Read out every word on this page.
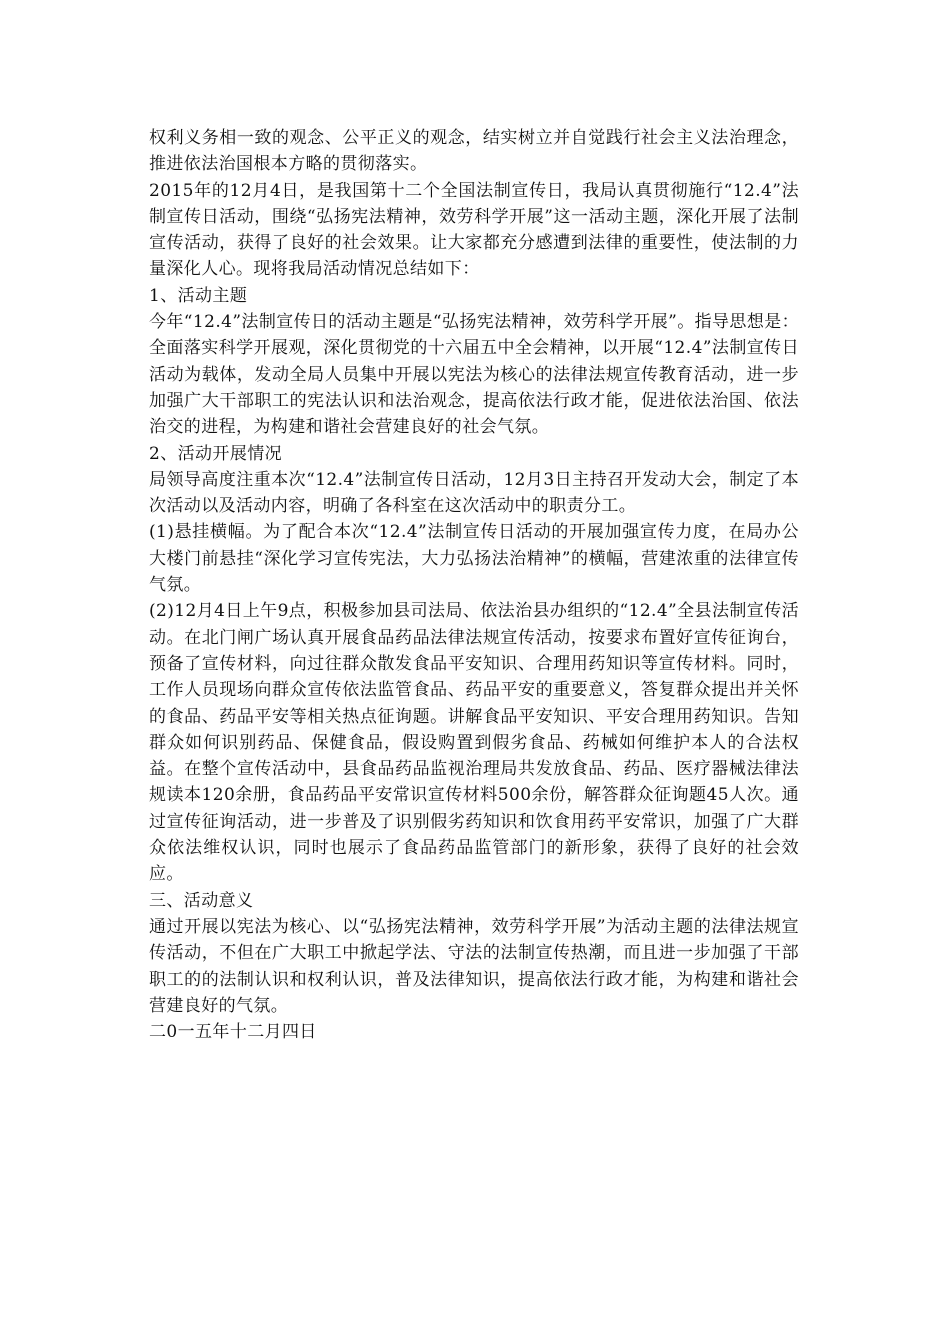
权利义务相一致的观念、公平正义的观念，结实树立并自觉践行社会主义法治理念，推进依法治国根本方略的贯彻落实。

2015年的12月4日，是我国第十二个全国法制宣传日，我局认真贯彻施行“12.4”法制宣传日活动，围绕“弘扬宪法精神，效劳科学开展”这一活动主题，深化开展了法制宣传活动，获得了良好的社会效果。让大家都充分感遭到法律的重要性，使法制的力量深化人心。现将我局活动情况总结如下：

1、活动主题

今年“12.4”法制宣传日的活动主题是“弘扬宪法精神，效劳科学开展”。指导思想是：全面落实科学开展观，深化贯彻党的十六届五中全会精神，以开展“12.4”法制宣传日活动为载体，发动全局人员集中开展以宪法为核心的法律法规宣传教育活动，进一步加强广大干部职工的宪法认识和法治观念，提高依法行政才能，促进依法治国、依法治交的进程，为构建和谐社会营建良好的社会气氛。

2、活动开展情况

局领导高度注重本次“12.4”法制宣传日活动，12月3日主持召开发动大会，制定了本次活动以及活动内容，明确了各科室在这次活动中的职责分工。

(1)悬挂横幅。为了配合本次“12.4”法制宣传日活动的开展加强宣传力度，在局办公大楼门前悬挂“深化学习宣传宪法，大力弘扬法治精神”的横幅，营建浓重的法律宣传气氛。

(2)12月4日上午9点，积极参加县司法局、依法治县办组织的“12.4”全县法制宣传活动。在北门闸广场认真开展食品药品法律法规宣传活动，按要求布置好宣传征询台，预备了宣传材料，向过往群众散发食品平安知识、合理用药知识等宣传材料。同时，工作人员现场向群众宣传依法监管食品、药品平安的重要意义，答复群众提出并关怀的食品、药品平安等相关热点征询题。讲解食品平安知识、平安合理用药知识。告知群众如何识别药品、保健食品，假设购置到假劣食品、药械如何维护本人的合法权益。在整个宣传活动中，县食品药品监视治理局共发放食品、药品、医疗器械法律法规读本120余册，食品药品平安常识宣传材料500余份，解答群众征询题45人次。通过宣传征询活动，进一步普及了识别假劣药知识和饮食用药平安常识，加强了广大群众依法维权认识，同时也展示了食品药品监管部门的新形象，获得了良好的社会效应。

三、活动意义

通过开展以宪法为核心、以“弘扬宪法精神，效劳科学开展”为活动主题的法律法规宣传活动，不但在广大职工中掀起学法、守法的法制宣传热潮，而且进一步加强了干部职工的的法制认识和权利认识，普及法律知识，提高依法行政才能，为构建和谐社会营建良好的气氛。

二0一五年十二月四日
